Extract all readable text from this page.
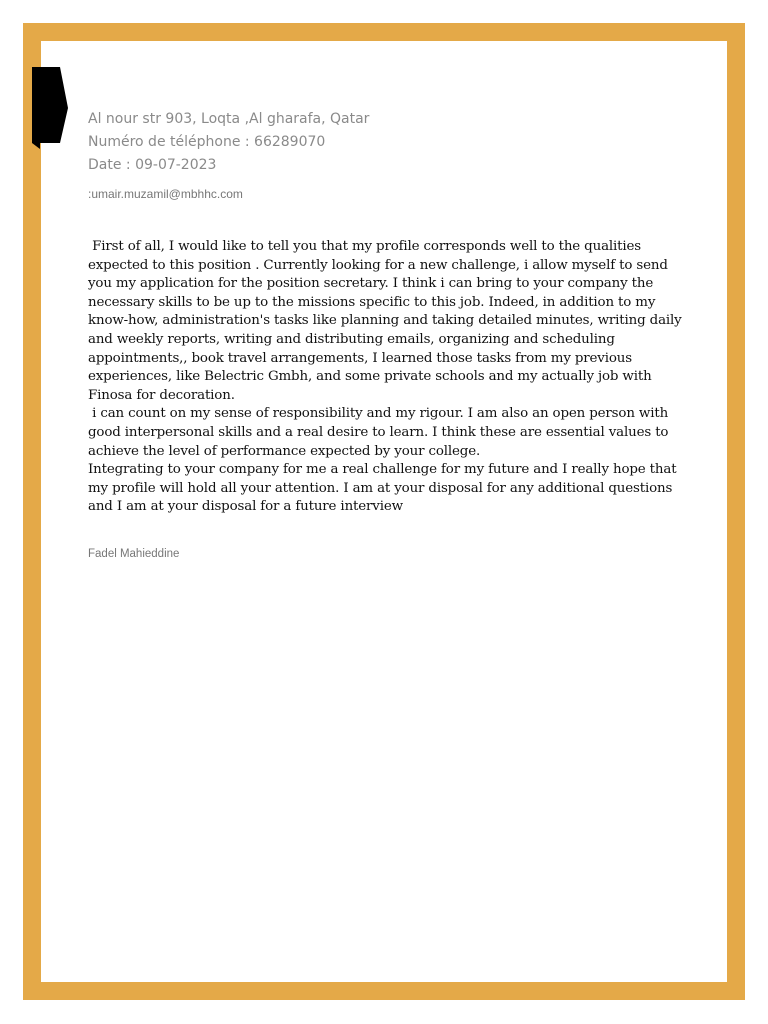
Al nour str 903, Loqta ,Al gharafa, Qatar
Numéro de téléphone : 66289070
Date : 09-07-2023
:umair.muzamil@mbhhc.com

First of all, I would like to tell you that my profile corresponds well to the qualities expected to this position . Currently looking for a new challenge, i allow myself to send you my application for the position secretary. I think i can bring to your company the necessary skills to be up to the missions specific to this job. Indeed, in addition to my know-how, administration's tasks like planning and taking detailed minutes, writing daily and weekly reports, writing and distributing emails, organizing and scheduling appointments,, book travel arrangements, I learned those tasks from my previous experiences, like Belectric Gmbh, and some private schools and my actually job with Finosa for decoration.

i can count on my sense of responsibility and my rigour. I am also an open person with good interpersonal skills and a real desire to learn. I think these are essential values to achieve the level of performance expected by your college.

Integrating to your company for me a real challenge for my future and I really hope that my profile will hold all your attention. I am at your disposal for any additional questions and I am at your disposal for a future interview

Fadel Mahieddine
